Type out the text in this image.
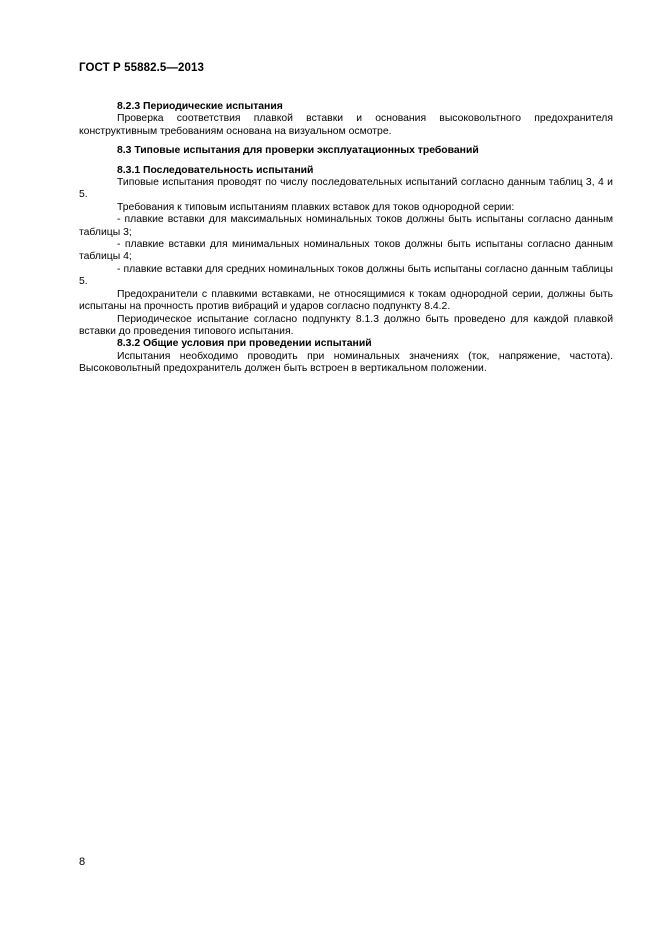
ГОСТ Р 55882.5—2013

8.2.3 Периодические испытания

Проверка соответствия плавкой вставки и основания высоковольтного предохранителя конструктивным требованиям основана на визуальном осмотре.

8.3 Типовые испытания для проверки эксплуатационных требований

8.3.1 Последовательность испытаний

Типовые испытания проводят по числу последовательных испытаний согласно данным таблиц 3, 4 и 5.

Требования к типовым испытаниям плавких вставок для токов однородной серии:

- плавкие вставки для максимальных номинальных токов должны быть испытаны согласно данным таблицы 3;

- плавкие вставки для минимальных номинальных токов должны быть испытаны согласно данным таблицы 4;

- плавкие вставки для средних номинальных токов должны быть испытаны согласно данным таблицы 5.

Предохранители с плавкими вставками, не относящимися к токам однородной серии, должны быть испытаны на прочность против вибраций и ударов согласно подпункту 8.4.2.

Периодическое испытание согласно подпункту 8.1.3 должно быть проведено для каждой плавкой вставки до проведения типового испытания.

8.3.2 Общие условия при проведении испытаний

Испытания необходимо проводить при номинальных значениях (ток, напряжение, частота). Высоковольтный предохранитель должен быть встроен в вертикальном положении.

8
